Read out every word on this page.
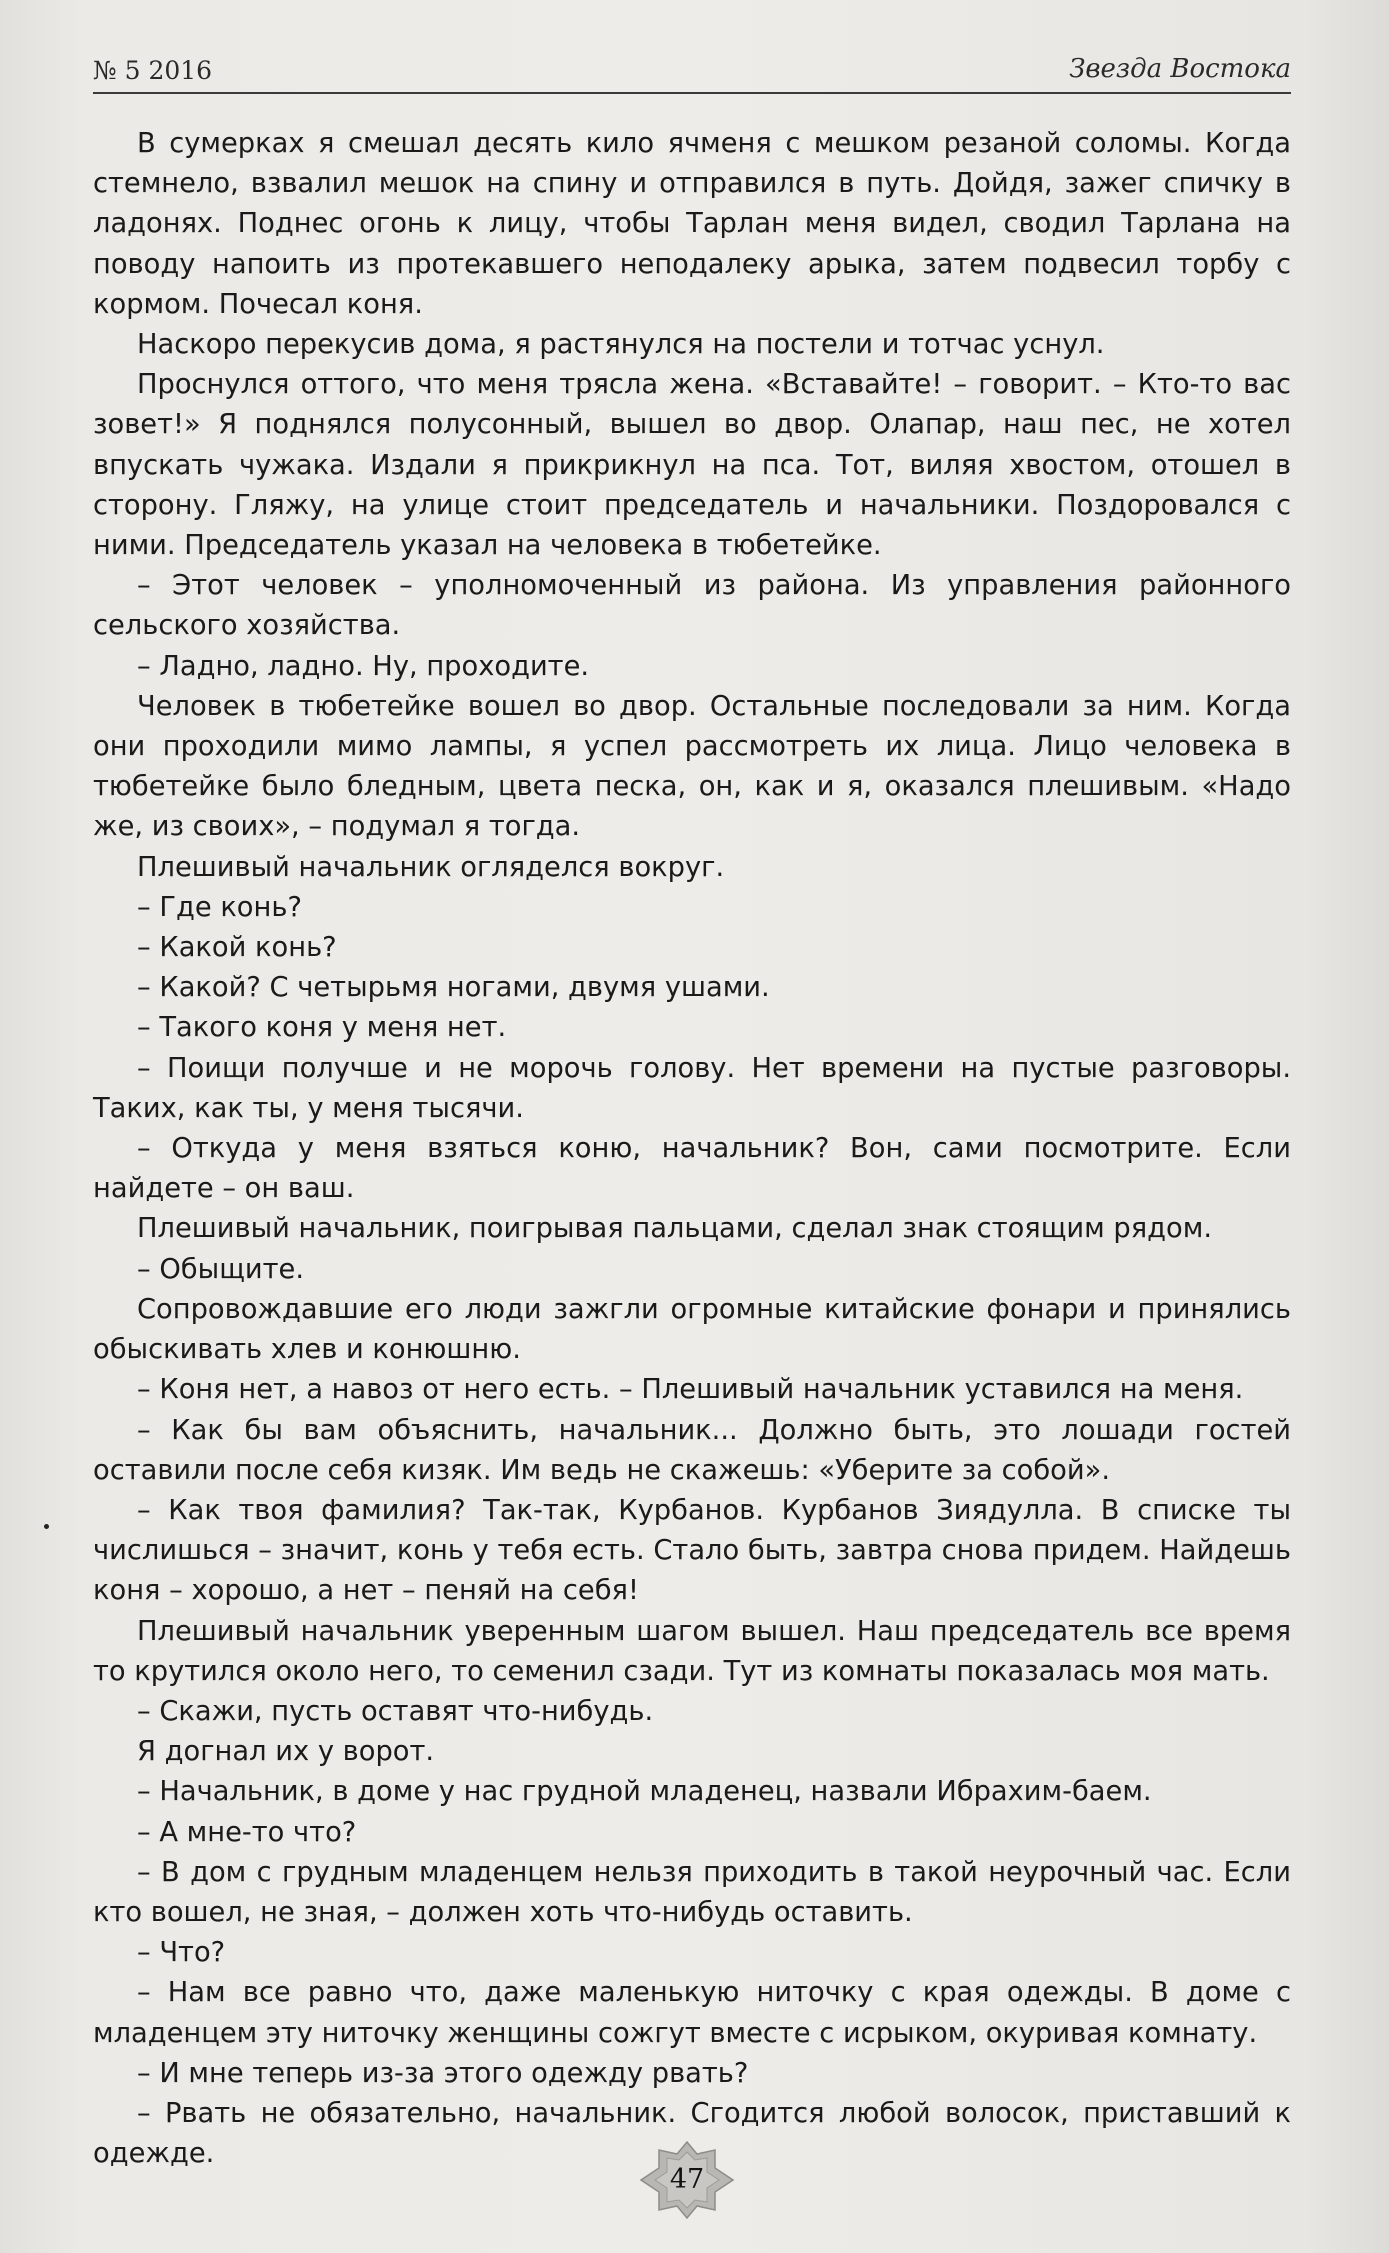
№ 5 2016	Звезда Востока

В сумерках я смешал десять кило ячменя с мешком резаной соломы. Когда стемнело, взвалил мешок на спину и отправился в путь. Дойдя, зажег спичку в ладонях. Поднес огонь к лицу, чтобы Тарлан меня видел, сводил Тарлана на поводу напоить из протекавшего неподалеку арыка, затем подвесил торбу с кормом. Почесал коня.

Наскоро перекусив дома, я растянулся на постели и тотчас уснул.

Проснулся оттого, что меня трясла жена. «Вставайте! – говорит. – Кто-то вас зовет!» Я поднялся полусонный, вышел во двор. Олапар, наш пес, не хотел впускать чужака. Издали я прикрикнул на пса. Тот, виляя хвостом, отошел в сторону. Гляжу, на улице стоит председатель и начальники. Поздоровался с ними. Председатель указал на человека в тюбетейке.

– Этот человек – уполномоченный из района. Из управления районного сельского хозяйства.

– Ладно, ладно. Ну, проходите.

Человек в тюбетейке вошел во двор. Остальные последовали за ним. Когда они проходили мимо лампы, я успел рассмотреть их лица. Лицо человека в тюбетейке было бледным, цвета песка, он, как и я, оказался плешивым. «Надо же, из своих», – подумал я тогда.

Плешивый начальник огляделся вокруг.

– Где конь?

– Какой конь?

– Какой? С четырьмя ногами, двумя ушами.

– Такого коня у меня нет.

– Поищи получше и не морочь голову. Нет времени на пустые разговоры. Таких, как ты, у меня тысячи.

– Откуда у меня взяться коню, начальник? Вон, сами посмотрите. Если найдете – он ваш.

Плешивый начальник, поигрывая пальцами, сделал знак стоящим рядом.

– Обыщите.

Сопровождавшие его люди зажгли огромные китайские фонари и принялись обыскивать хлев и конюшню.

– Коня нет, а навоз от него есть. – Плешивый начальник уставился на меня.

– Как бы вам объяснить, начальник... Должно быть, это лошади гостей оставили после себя кизяк. Им ведь не скажешь: «Уберите за собой».

– Как твоя фамилия? Так-так, Курбанов. Курбанов Зиядулла. В списке ты числишься – значит, конь у тебя есть. Стало быть, завтра снова придем. Найдешь коня – хорошо, а нет – пеняй на себя!

Плешивый начальник уверенным шагом вышел. Наш председатель все время то крутился около него, то семенил сзади. Тут из комнаты показалась моя мать.

– Скажи, пусть оставят что-нибудь.

Я догнал их у ворот.

– Начальник, в доме у нас грудной младенец, назвали Ибрахим-баем.

– А мне-то что?

– В дом с грудным младенцем нельзя приходить в такой неурочный час. Если кто вошел, не зная, – должен хоть что-нибудь оставить.

– Что?

– Нам все равно что, даже маленькую ниточку с края одежды. В доме с младенцем эту ниточку женщины сожгут вместе с исрыком, окуривая комнату.

– И мне теперь из-за этого одежду рвать?

– Рвать не обязательно, начальник. Сгодится любой волосок, приставший к одежде.

47
